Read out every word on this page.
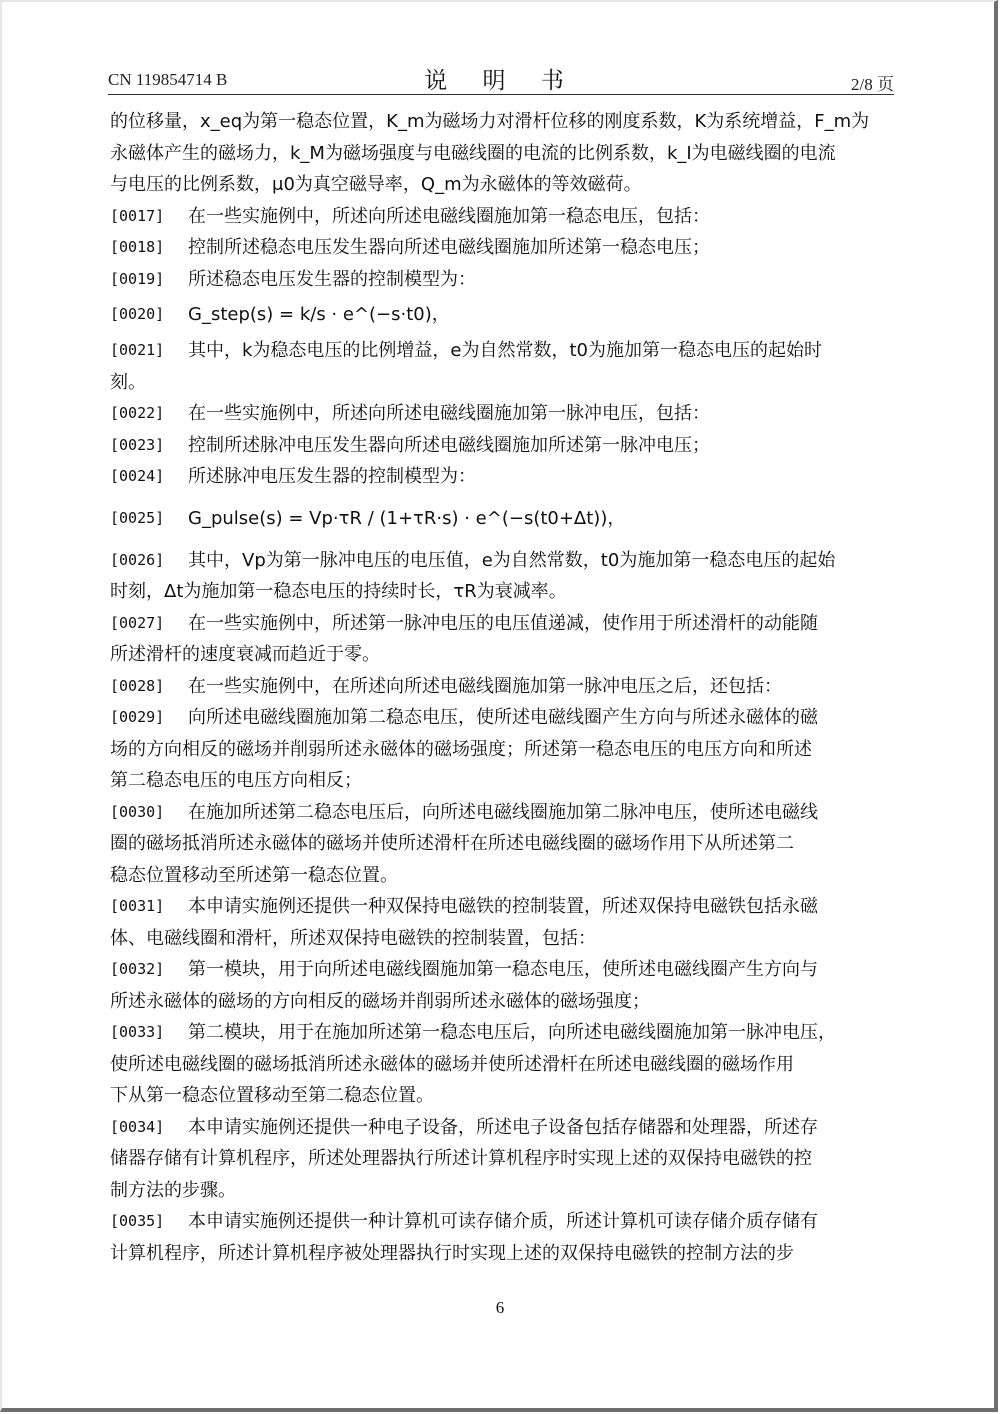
CN 119854714 B	说 明 书	2/8 页
的位移量，x_eq为第一稳态位置，K_m为磁场力对滑杆位移的刚度系数，K为系统增益，F_m为
永磁体产生的磁场力，k_M为磁场强度与电磁线圈的电流的比例系数，k_I为电磁线圈的电流
与电压的比例系数，μ0为真空磁导率，Q_m为永磁体的等效磁荷。
[0017] 在一些实施例中，所述向所述电磁线圈施加第一稳态电压，包括：
[0018] 控制所述稳态电压发生器向所述电磁线圈施加所述第一稳态电压；
[0019] 所述稳态电压发生器的控制模型为：
[0020] G_step(s) = k/s · e^(−s·t0)，
[0021] 其中，k为稳态电压的比例增益，e为自然常数，t0为施加第一稳态电压的起始时
刻。
[0022] 在一些实施例中，所述向所述电磁线圈施加第一脉冲电压，包括：
[0023] 控制所述脉冲电压发生器向所述电磁线圈施加所述第一脉冲电压；
[0024] 所述脉冲电压发生器的控制模型为：
[0025] G_pulse(s) = Vp·τR / (1+τR·s) · e^(−s(t0+Δt))，
[0026] 其中，Vp为第一脉冲电压的电压值，e为自然常数，t0为施加第一稳态电压的起始
时刻，Δt为施加第一稳态电压的持续时长，τR为衰减率。
[0027] 在一些实施例中，所述第一脉冲电压的电压值递减，使作用于所述滑杆的动能随
所述滑杆的速度衰减而趋近于零。
[0028] 在一些实施例中，在所述向所述电磁线圈施加第一脉冲电压之后，还包括：
[0029] 向所述电磁线圈施加第二稳态电压，使所述电磁线圈产生方向与所述永磁体的磁
场的方向相反的磁场并削弱所述永磁体的磁场强度；所述第一稳态电压的电压方向和所述
第二稳态电压的电压方向相反；
[0030] 在施加所述第二稳态电压后，向所述电磁线圈施加第二脉冲电压，使所述电磁线
圈的磁场抵消所述永磁体的磁场并使所述滑杆在所述电磁线圈的磁场作用下从所述第二
稳态位置移动至所述第一稳态位置。
[0031] 本申请实施例还提供一种双保持电磁铁的控制装置，所述双保持电磁铁包括永磁
体、电磁线圈和滑杆，所述双保持电磁铁的控制装置，包括：
[0032] 第一模块，用于向所述电磁线圈施加第一稳态电压，使所述电磁线圈产生方向与
所述永磁体的磁场的方向相反的磁场并削弱所述永磁体的磁场强度；
[0033] 第二模块，用于在施加所述第一稳态电压后，向所述电磁线圈施加第一脉冲电压，
使所述电磁线圈的磁场抵消所述永磁体的磁场并使所述滑杆在所述电磁线圈的磁场作用
下从第一稳态位置移动至第二稳态位置。
[0034] 本申请实施例还提供一种电子设备，所述电子设备包括存储器和处理器，所述存
储器存储有计算机程序，所述处理器执行所述计算机程序时实现上述的双保持电磁铁的控
制方法的步骤。
[0035] 本申请实施例还提供一种计算机可读存储介质，所述计算机可读存储介质存储有
计算机程序，所述计算机程序被处理器执行时实现上述的双保持电磁铁的控制方法的步
6
